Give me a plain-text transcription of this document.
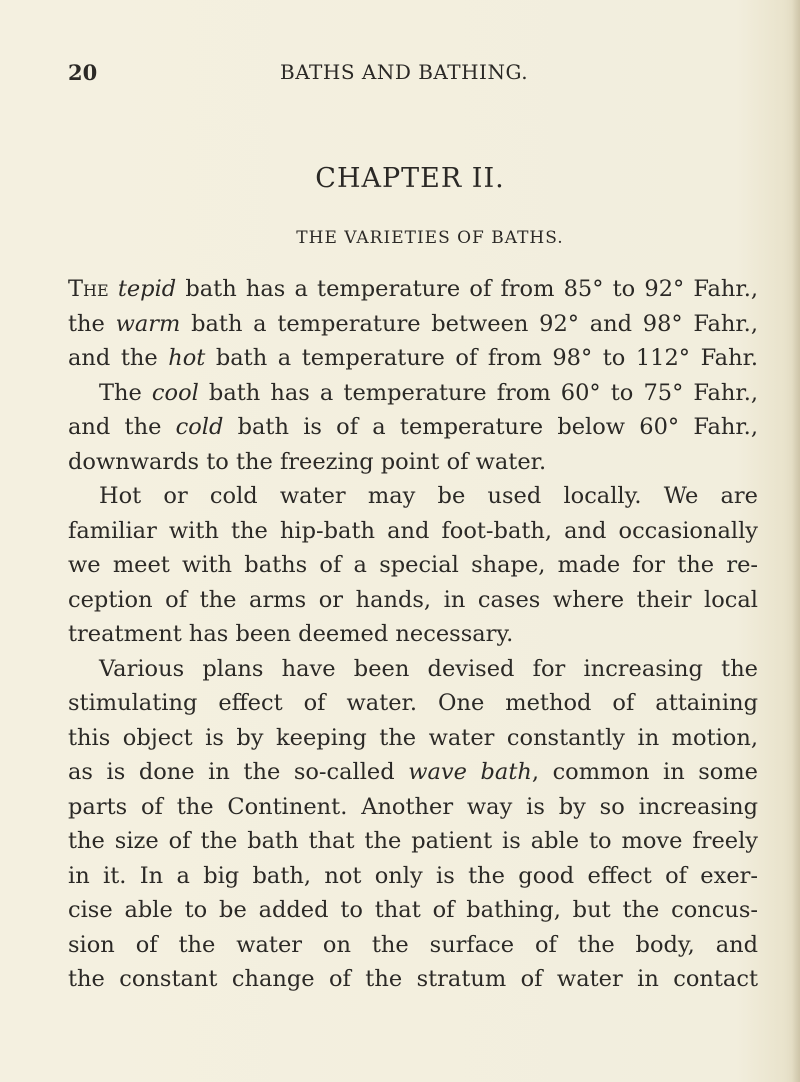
20	BATHS AND BATHING.
CHAPTER II.
THE VARIETIES OF BATHS.
The tepid bath has a temperature of from 85° to 92° Fahr.,
the warm bath a temperature between 92° and 98° Fahr.,
and the hot bath a temperature of from 98° to 112° Fahr.
The cool bath has a temperature from 60° to 75° Fahr.,
and the cold bath is of a temperature below 60° Fahr.,
downwards to the freezing point of water.
Hot or cold water may be used locally. We are
familiar with the hip-bath and foot-bath, and occasionally
we meet with baths of a special shape, made for the re-
ception of the arms or hands, in cases where their local
treatment has been deemed necessary.
Various plans have been devised for increasing the
stimulating effect of water. One method of attaining
this object is by keeping the water constantly in motion,
as is done in the so-called wave bath, common in some
parts of the Continent. Another way is by so increasing
the size of the bath that the patient is able to move freely
in it. In a big bath, not only is the good effect of exer-
cise able to be added to that of bathing, but the concus-
sion of the water on the surface of the body, and
the constant change of the stratum of water in contact
